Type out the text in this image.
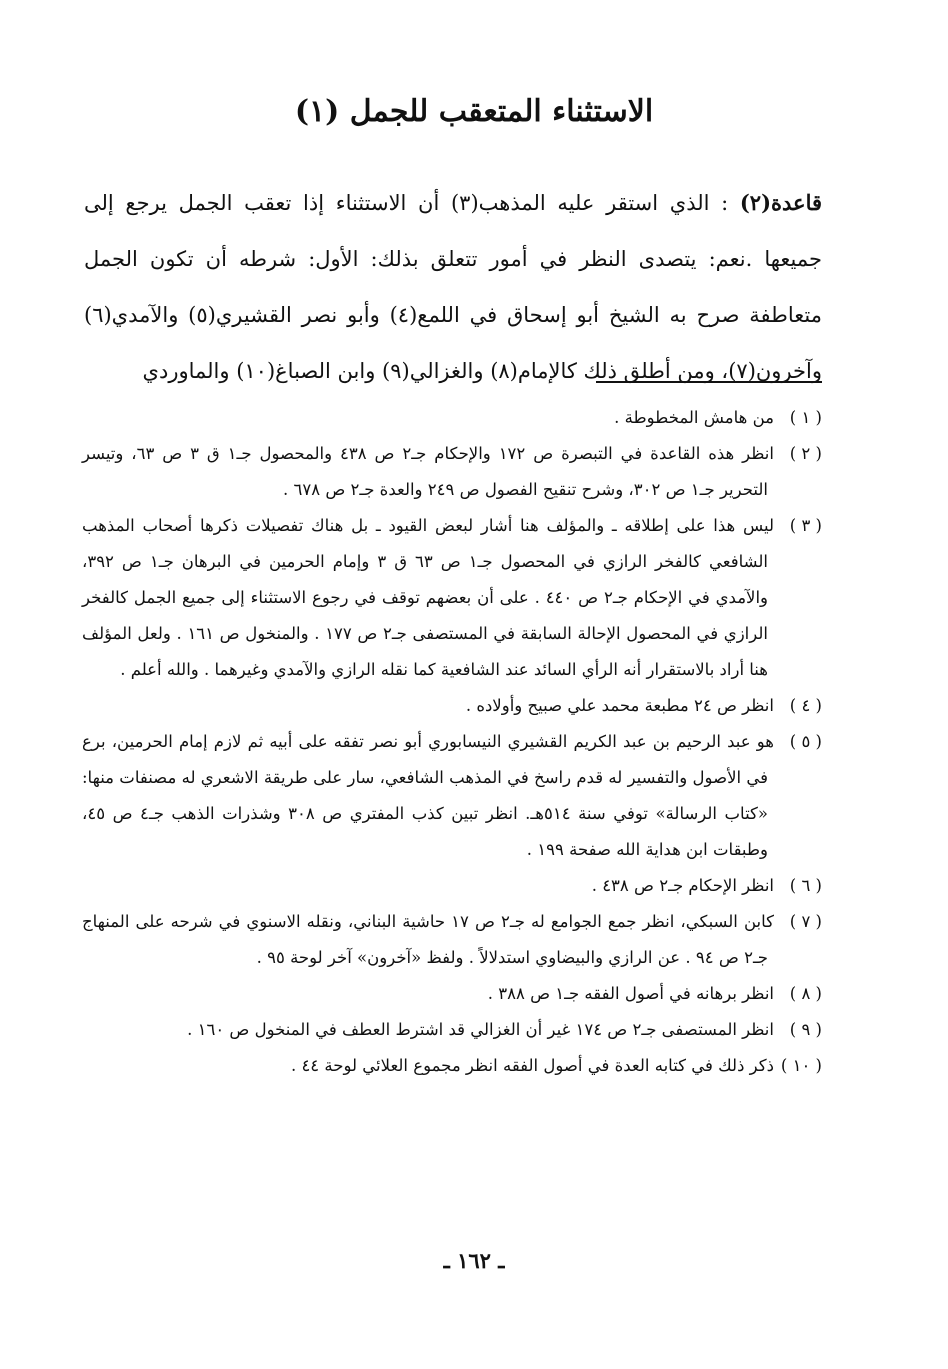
الاستثناء المتعقب للجمل (١)
قاعدة(٢) : الذي استقر عليه المذهب(٣) أن الاستثناء إذا تعقب الجمل يرجع إلى جميعها .نعم: يتصدى النظر في أمور تتعلق بذلك: الأول: شرطه أن تكون الجمل متعاطفة صرح به الشيخ أبو إسحاق في اللمع(٤) وأبو نصر القشيري(٥) والآمدي(٦) وآخرون(٧)، ومن أطلق ذلك كالإمام(٨) والغزالي(٩) وابن الصباغ(١٠) والماوردي
( ١ )من هامش المخطوطة .
( ٢ )انظر هذه القاعدة في التبصرة ص ١٧٢ والإحكام جـ٢ ص ٤٣٨ والمحصول جـ١ ق ٣ ص ٦٣، وتيسر التحرير جـ١ ص ٣٠٢، وشرح تنقيح الفصول ص ٢٤٩ والعدة جـ٢ ص ٦٧٨ .
( ٣ )ليس هذا على إطلاقه ـ والمؤلف هنا أشار لبعض القيود ـ بل هناك تفصيلات ذكرها أصحاب المذهب الشافعي كالفخر الرازي في المحصول جـ١ ص ٦٣ ق ٣ وإمام الحرمين في البرهان جـ١ ص ٣٩٢، والآمدي في الإحكام جـ٢ ص ٤٤٠ . على أن بعضهم توقف في رجوع الاستثناء إلى جميع الجمل كالفخر الرازي في المحصول الإحالة السابقة في المستصفى جـ٢ ص ١٧٧ . والمنخول ص ١٦١ . ولعل المؤلف هنا أراد بالاستقرار أنه الرأي السائد عند الشافعية كما نقله الرازي والآمدي وغيرهما . والله أعلم .
( ٤ )انظر ص ٢٤ مطبعة محمد علي صبيح وأولاده .
( ٥ )هو عبد الرحيم بن عبد الكريم القشيري النيسابوري أبو نصر تفقه على أبيه ثم لازم إمام الحرمين، برع في الأصول والتفسير له قدم راسخ في المذهب الشافعي، سار على طريقة الاشعري له مصنفات منها: «كتاب الرسالة» توفي سنة ٥١٤هـ. انظر تبين كذب المفتري ص ٣٠٨ وشذرات الذهب جـ٤ ص ٤٥، وطبقات ابن هداية الله صفحة ١٩٩ .
( ٦ )انظر الإحكام جـ٢ ص ٤٣٨ .
( ٧ )كابن السبكي، انظر جمع الجوامع له جـ٢ ص ١٧ حاشية البناني، ونقله الاسنوي في شرحه على المنهاج جـ٢ ص ٩٤ . عن الرازي والبيضاوي استدلالاً . ولفظ «آخرون» آخر لوحة ٩٥ .
( ٨ )انظر برهانه في أصول الفقه جـ١ ص ٣٨٨ .
( ٩ )انظر المستصفى جـ٢ ص ١٧٤ غير أن الغزالي قد اشترط العطف في المنخول ص ١٦٠ .
( ١٠ )ذكر ذلك في كتابه العدة في أصول الفقه انظر مجموع العلائي لوحة ٤٤ .
ـ ١٦٢ ـ
